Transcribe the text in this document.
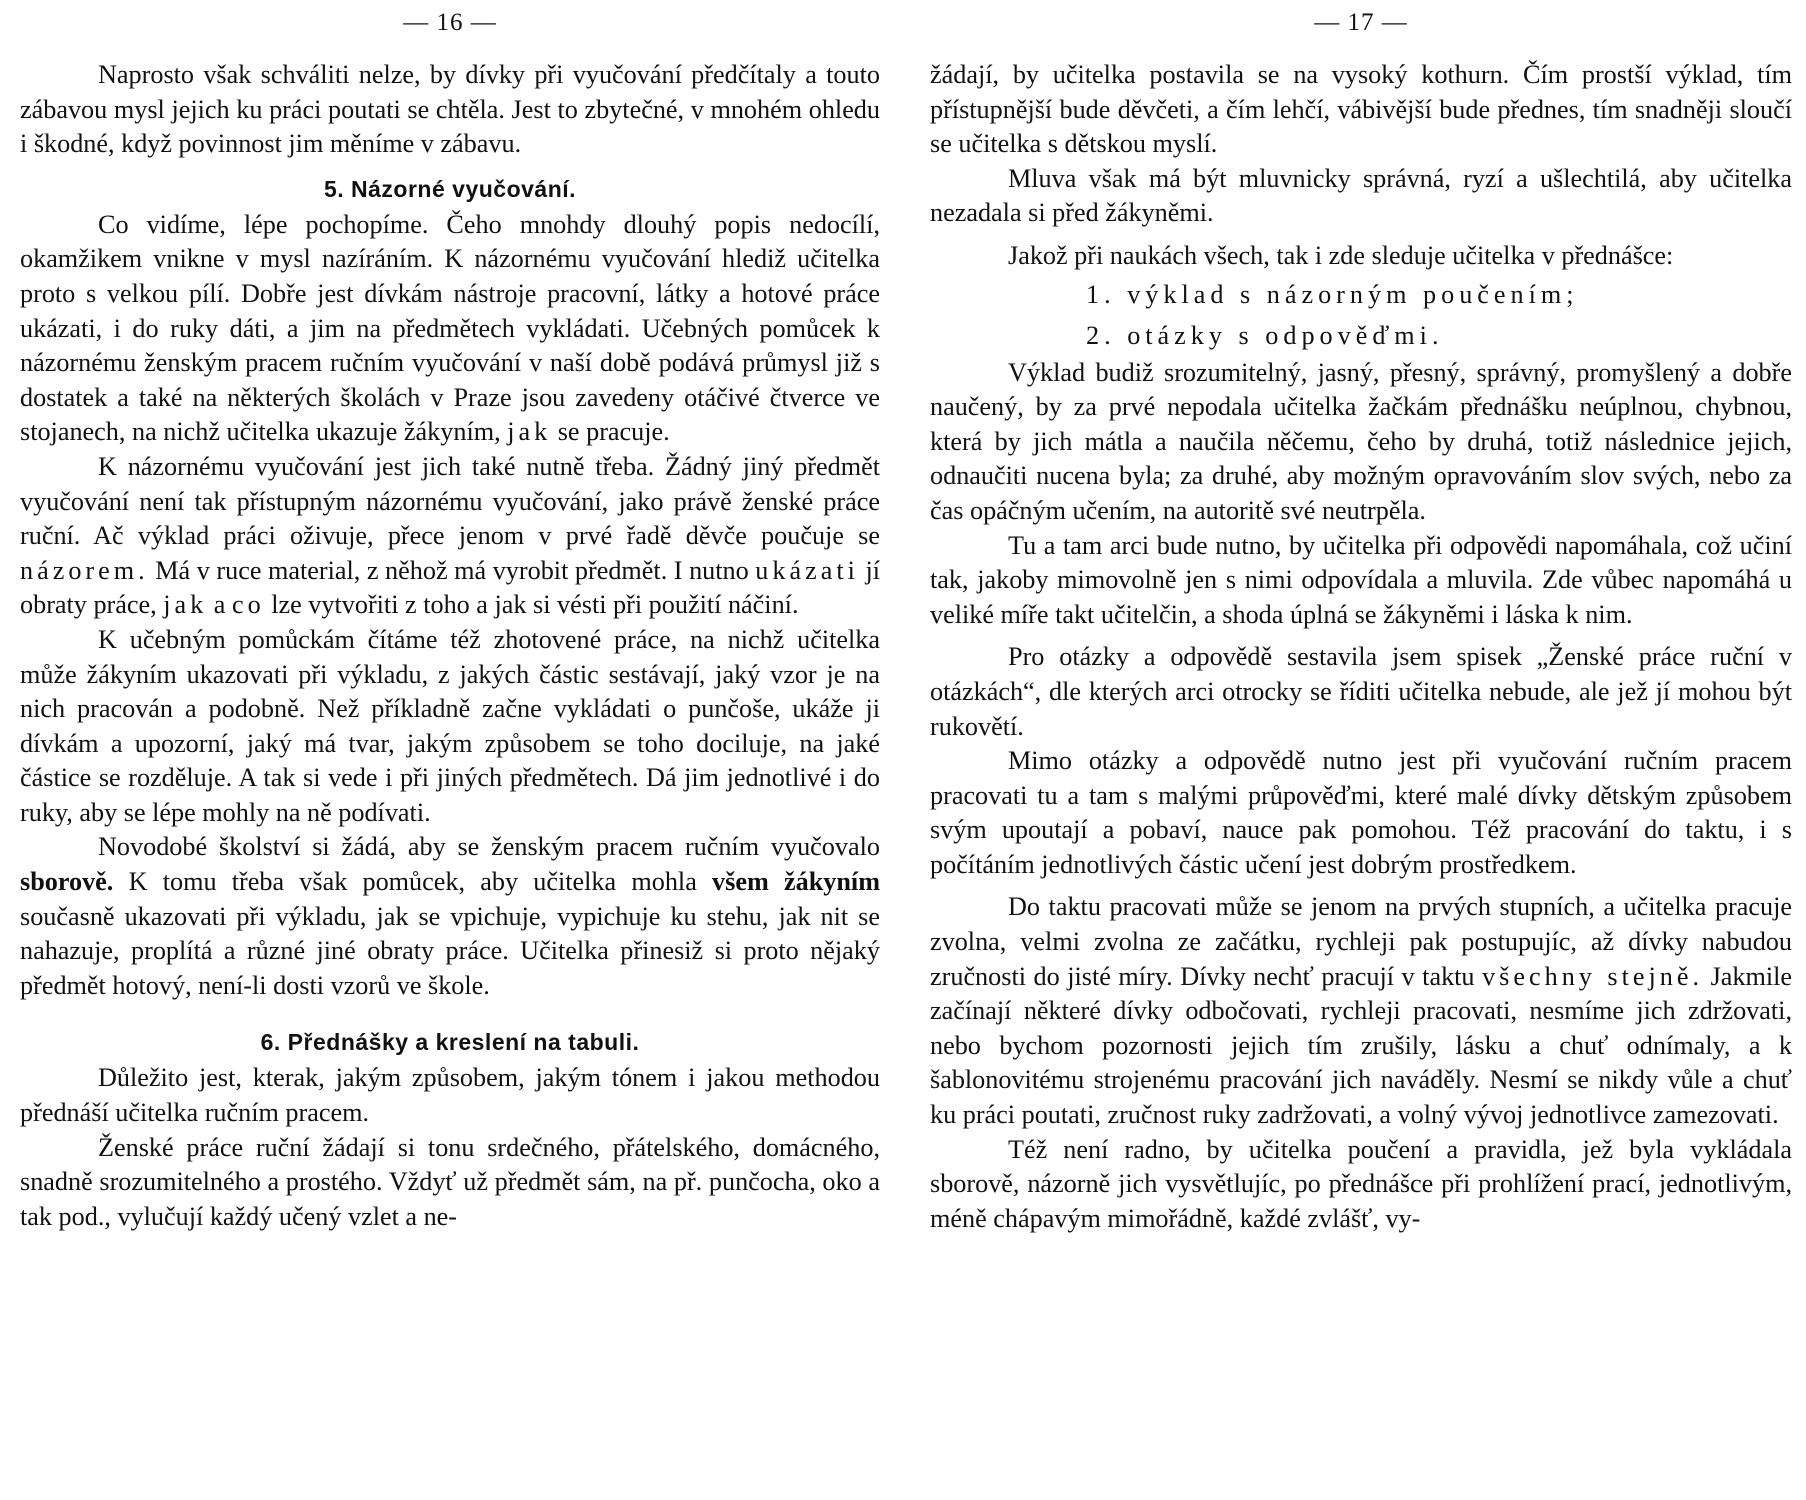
— 16 —

Naprosto však schváliti nelze, by dívky při vyučování předčítaly a touto zábavou mysl jejich ku práci poutati se chtěla. Jest to zbytečné, v mnohém ohledu i škodné, když povinnost jim měníme v zábavu.

5. Názorné vyučování.

Co vidíme, lépe pochopíme. Čeho mnohdy dlouhý popis nedocílí, okamžikem vnikne v mysl nazíráním. K názornému vyučování hlediž učitelka proto s velkou pílí. Dobře jest dívkám nástroje pracovní, látky a hotové práce ukázati, i do ruky dáti, a jim na předmětech vykládati. Učebných pomůcek k názornému ženským pracem ručním vyučování v naší době podává průmysl již s dostatek a také na některých školách v Praze jsou zavedeny otáčivé čtverce ve stojanech, na nichž učitelka ukazuje žákyním, jak se pracuje.

K názornému vyučování jest jich také nutně třeba. Žádný jiný předmět vyučování není tak přístupným názornému vyučování, jako právě ženské práce ruční. Ač výklad práci oživuje, přece jenom v prvé řadě děvče poučuje se názorem. Má v ruce material, z něhož má vyrobit předmět. I nutno ukázati jí obraty práce, jak a co lze vytvořiti z toho a jak si vésti při použití náčiní.

K učebným pomůckám čítáme též zhotovené práce, na nichž učitelka může žákyním ukazovati při výkladu, z jakých částic sestávají, jaký vzor je na nich pracován a podobně. Než příkladně začne vykládati o punčoše, ukáže ji dívkám a upozorní, jaký má tvar, jakým způsobem se toho dociluje, na jaké částice se rozděluje. A tak si vede i při jiných předmětech. Dá jim jednotlivé i do ruky, aby se lépe mohly na ně podívati.

Novodobé školství si žádá, aby se ženským pracem ručním vyučovalo sborově. K tomu třeba však pomůcek, aby učitelka mohla všem žákyním současně ukazovati při výkladu, jak se vpichuje, vypichuje ku stehu, jak nit se nahazuje, proplítá a různé jiné obraty práce. Učitelka přinesiž si proto nějaký předmět hotový, není-li dosti vzorů ve škole.

6. Přednášky a kreslení na tabuli.

Důležito jest, kterak, jakým způsobem, jakým tónem i jakou methodou přednáší učitelka ručním pracem.

Ženské práce ruční žádají si tonu srdečného, přátelského, domácného, snadně srozumitelného a prostého. Vždyť už předmět sám, na př. punčocha, oko a tak pod., vylučují každý učený vzlet a ne-

— 17 —

žádají, by učitelka postavila se na vysoký kothurn. Čím prostší výklad, tím přístupnější bude děvčeti, a čím lehčí, vábivější bude přednes, tím snadněji sloučí se učitelka s dětskou myslí.

Mluva však má být mluvnicky správná, ryzí a ušlechtilá, aby učitelka nezadala si před žákyněmi.

Jakož při naukách všech, tak i zde sleduje učitelka v přednášce:

1. výklad s názorným poučením;

2. otázky s odpověďmi.

Výklad budiž srozumitelný, jasný, přesný, správný, promyšlený a dobře naučený, by za prvé nepodala učitelka žačkám přednášku neúplnou, chybnou, která by jich mátla a naučila něčemu, čeho by druhá, totiž následnice jejich, odnaučiti nucena byla; za druhé, aby možným opravováním slov svých, nebo za čas opáčným učením, na autoritě své neutrpěla.

Tu a tam arci bude nutno, by učitelka při odpovědi napomáhala, což učiní tak, jakoby mimovolně jen s nimi odpovídala a mluvila. Zde vůbec napomáhá u veliké míře takt učitelčin, a shoda úplná se žákyněmi i láska k nim.

Pro otázky a odpovědě sestavila jsem spisek „Ženské práce ruční v otázkách“, dle kterých arci otrocky se říditi učitelka nebude, ale jež jí mohou být rukovětí.

Mimo otázky a odpovědě nutno jest při vyučování ručním pracem pracovati tu a tam s malými průpověďmi, které malé dívky dětským způsobem svým upoutají a pobaví, nauce pak pomohou. Též pracování do taktu, i s počítáním jednotlivých částic učení jest dobrým prostředkem.

Do taktu pracovati může se jenom na prvých stupních, a učitelka pracuje zvolna, velmi zvolna ze začátku, rychleji pak postupujíc, až dívky nabudou zručnosti do jisté míry. Dívky nechť pracují v taktu všechny stejně. Jakmile začínají některé dívky odbočovati, rychleji pracovati, nesmíme jich zdržovati, nebo bychom pozornosti jejich tím zrušily, lásku a chuť odnímaly, a k šablonovitému strojenému pracování jich naváděly. Nesmí se nikdy vůle a chuť ku práci poutati, zručnost ruky zadržovati, a volný vývoj jednotlivce zamezovati.

Též není radno, by učitelka poučení a pravidla, jež byla vykládala sborově, názorně jich vysvětlujíc, po přednášce při prohlížení prací, jednotlivým, méně chápavým mimořádně, každé zvlášť, vy-
